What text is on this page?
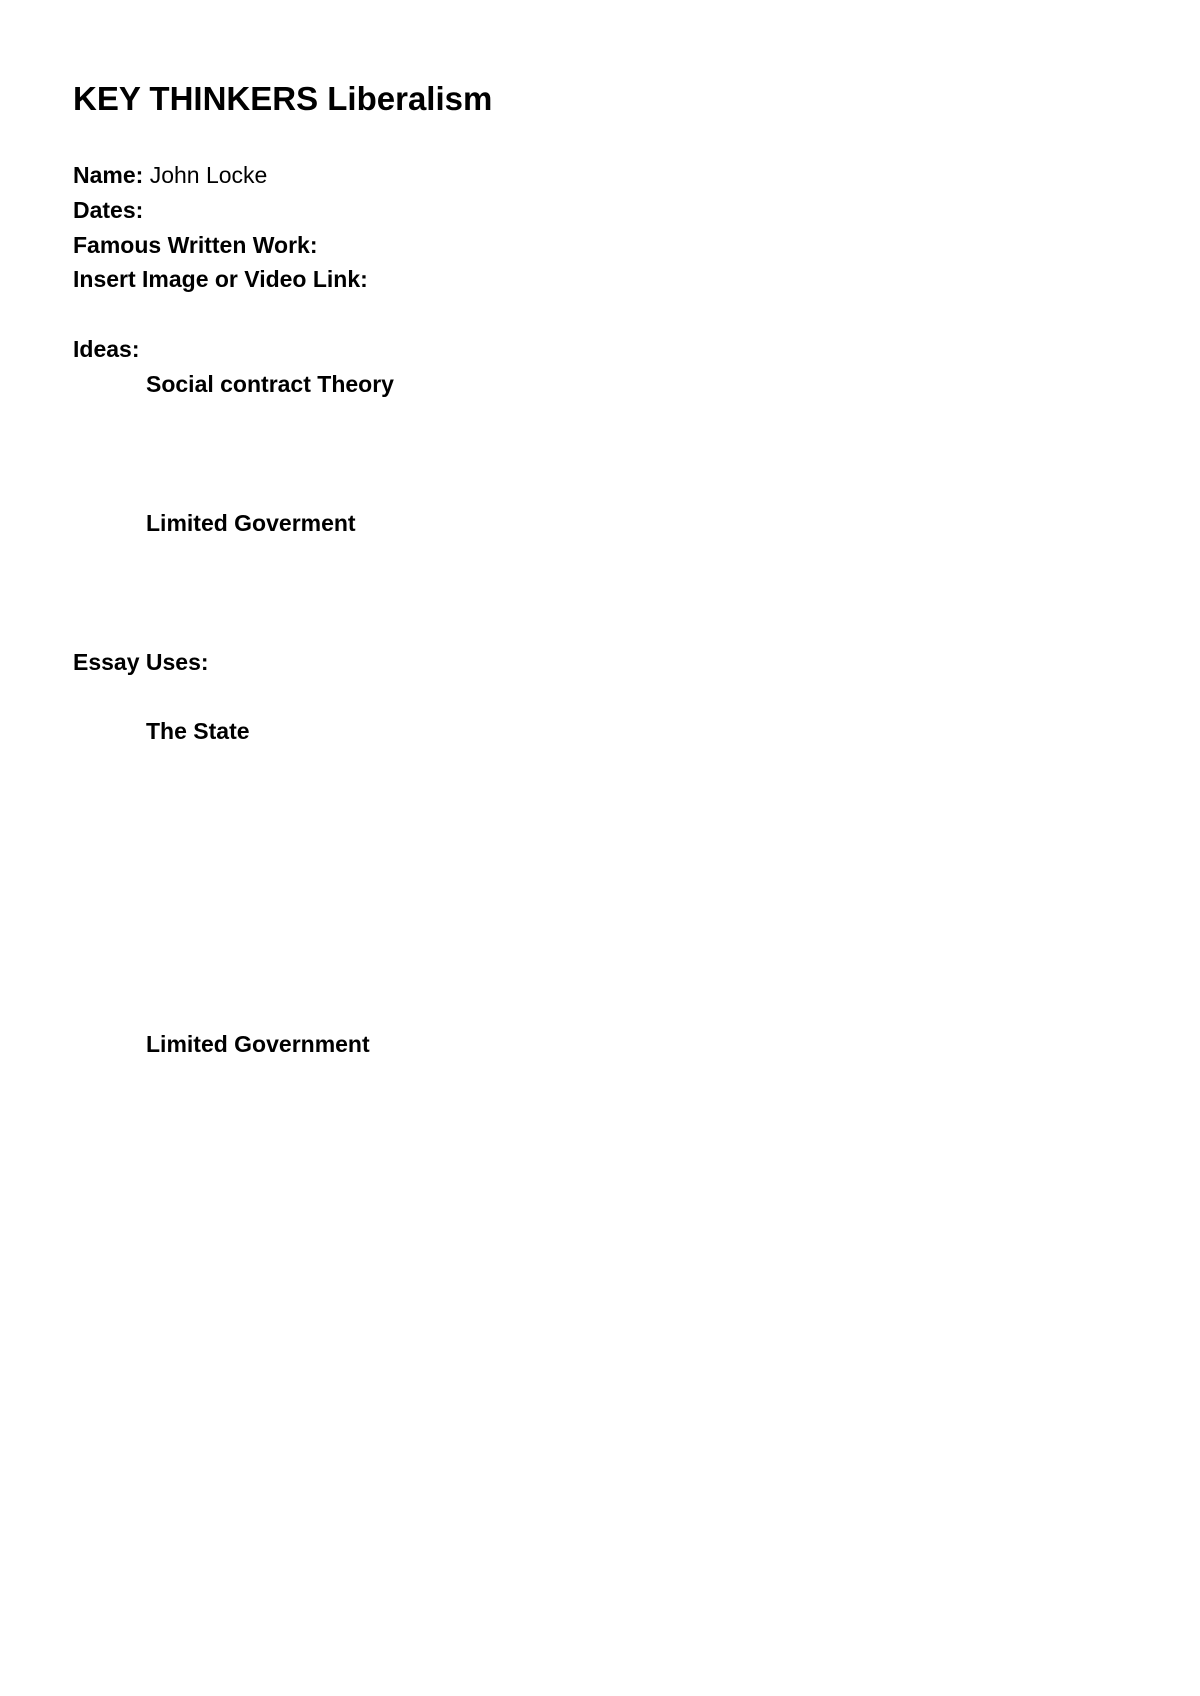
KEY THINKERS Liberalism
Name: John Locke
Dates:
Famous Written Work:
Insert Image or Video Link:
Ideas:
Social contract Theory
Limited Goverment
Essay Uses:
The State
Limited Government
